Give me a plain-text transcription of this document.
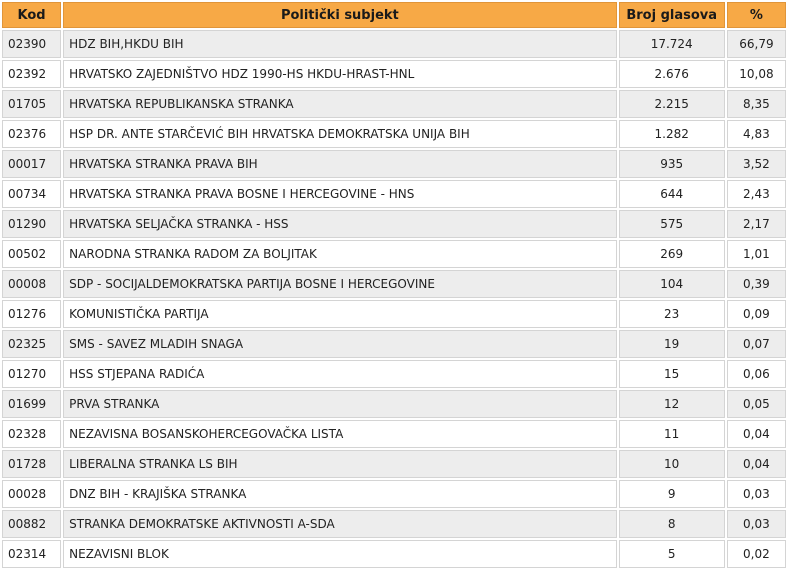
Kod	Politički subjekt	Broj glasova	%
02390	HDZ BIH,HKDU BIH	17.724	66,79
02392	HRVATSKO ZAJEDNIŠTVO HDZ 1990-HS HKDU-HRAST-HNL	2.676	10,08
01705	HRVATSKA REPUBLIKANSKA STRANKA	2.215	8,35
02376	HSP DR. ANTE STARČEVIĆ BIH HRVATSKA DEMOKRATSKA UNIJA BIH	1.282	4,83
00017	HRVATSKA STRANKA PRAVA BIH	935	3,52
00734	HRVATSKA STRANKA PRAVA BOSNE I HERCEGOVINE - HNS	644	2,43
01290	HRVATSKA SELJAČKA STRANKA - HSS	575	2,17
00502	NARODNA STRANKA RADOM ZA BOLJITAK	269	1,01
00008	SDP - SOCIJALDEMOKRATSKA PARTIJA BOSNE I HERCEGOVINE	104	0,39
01276	KOMUNISTIČKA PARTIJA	23	0,09
02325	SMS - SAVEZ MLADIH SNAGA	19	0,07
01270	HSS STJEPANA RADIĆA	15	0,06
01699	PRVA STRANKA	12	0,05
02328	NEZAVISNA BOSANSKOHERCEGOVAČKA LISTA	11	0,04
01728	LIBERALNA STRANKA LS BIH	10	0,04
00028	DNZ BIH - KRAJIŠKA STRANKA	9	0,03
00882	STRANKA DEMOKRATSKE AKTIVNOSTI A-SDA	8	0,03
02314	NEZAVISNI BLOK	5	0,02
